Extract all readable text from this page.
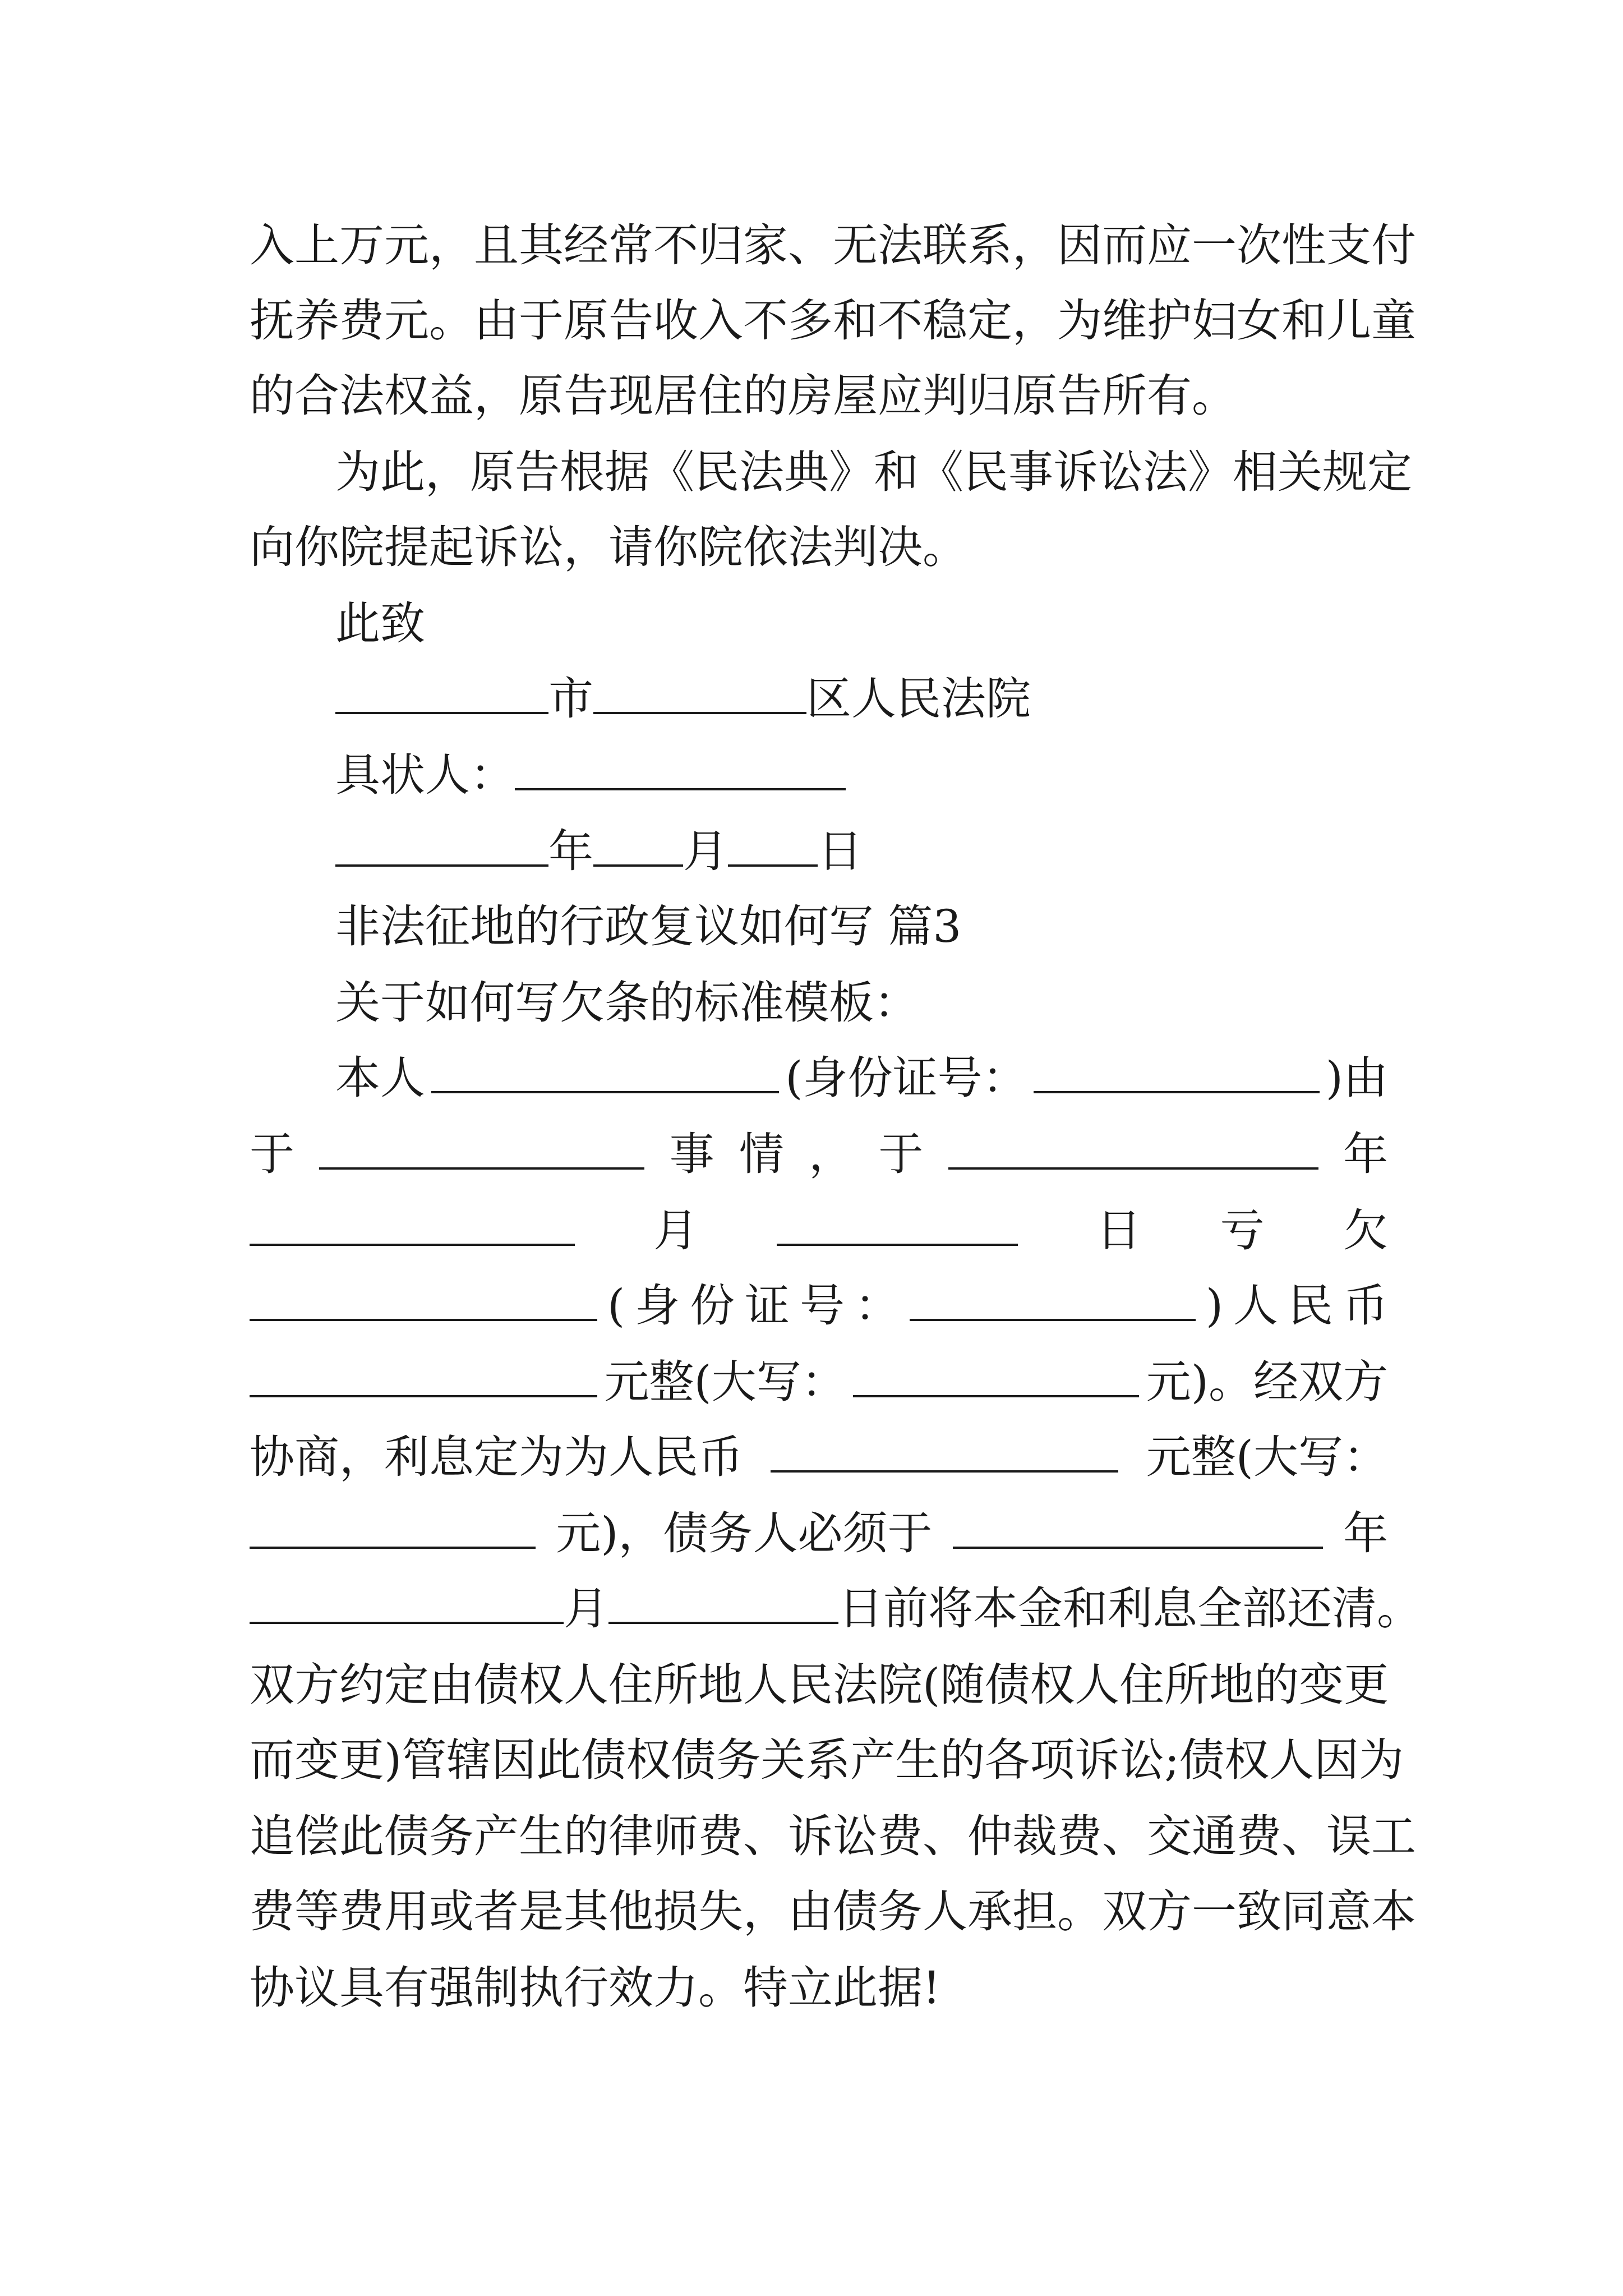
入上万元，且其经常不归家、无法联系，因而应一次性支付
抚养费元。由于原告收入不多和不稳定，为维护妇女和儿童
的合法权益，原告现居住的房屋应判归原告所有。
为此，原告根据《民法典》和《民事诉讼法》相关规定
向你院提起诉讼，请你院依法判决。
此致
市	区人民法院
具状人：
年 月 日
非法征地的行政复议如何写 篇3
关于如何写欠条的标准模板：
本人	(身份证号：	)由
于	事 情 ， 于	年
月	日 亏 欠
( 身 份 证 号 ：	) 人 民 币
元整(大写：	元)。经双方
协商，利息定为为人民币	元整(大写：
元)，债务人必须于	年
月	日前将本金和利息全部还清。
双方约定由债权人住所地人民法院(随债权人住所地的变更
而变更)管辖因此债权债务关系产生的各项诉讼;债权人因为
追偿此债务产生的律师费、诉讼费、仲裁费、交通费、误工
费等费用或者是其他损失，由债务人承担。双方一致同意本
协议具有强制执行效力。特立此据!
